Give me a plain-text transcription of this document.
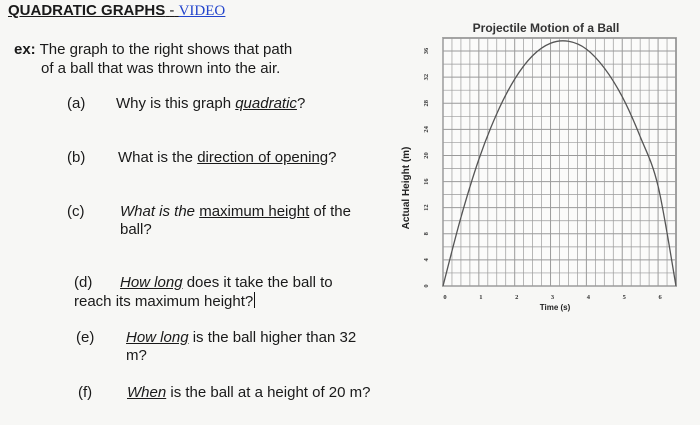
QUADRATIC GRAPHS - VIDEO
ex: The graph to the right shows that path
of a ball that was thrown into the air.
(a) Why is this graph quadratic?
(b) What is the direction of opening?
(c) What is the maximum height of the
ball?
(d) How long does it take the ball to
reach its maximum height?
(e) How long is the ball higher than 32
m?
(f) When is the ball at a height of 20 m?
Projectile Motion of a Ball
0
4
8
12
16
20
24
28
32
36
0	1	2	3	4	5	6
Actual Height (m)
Time (s)
